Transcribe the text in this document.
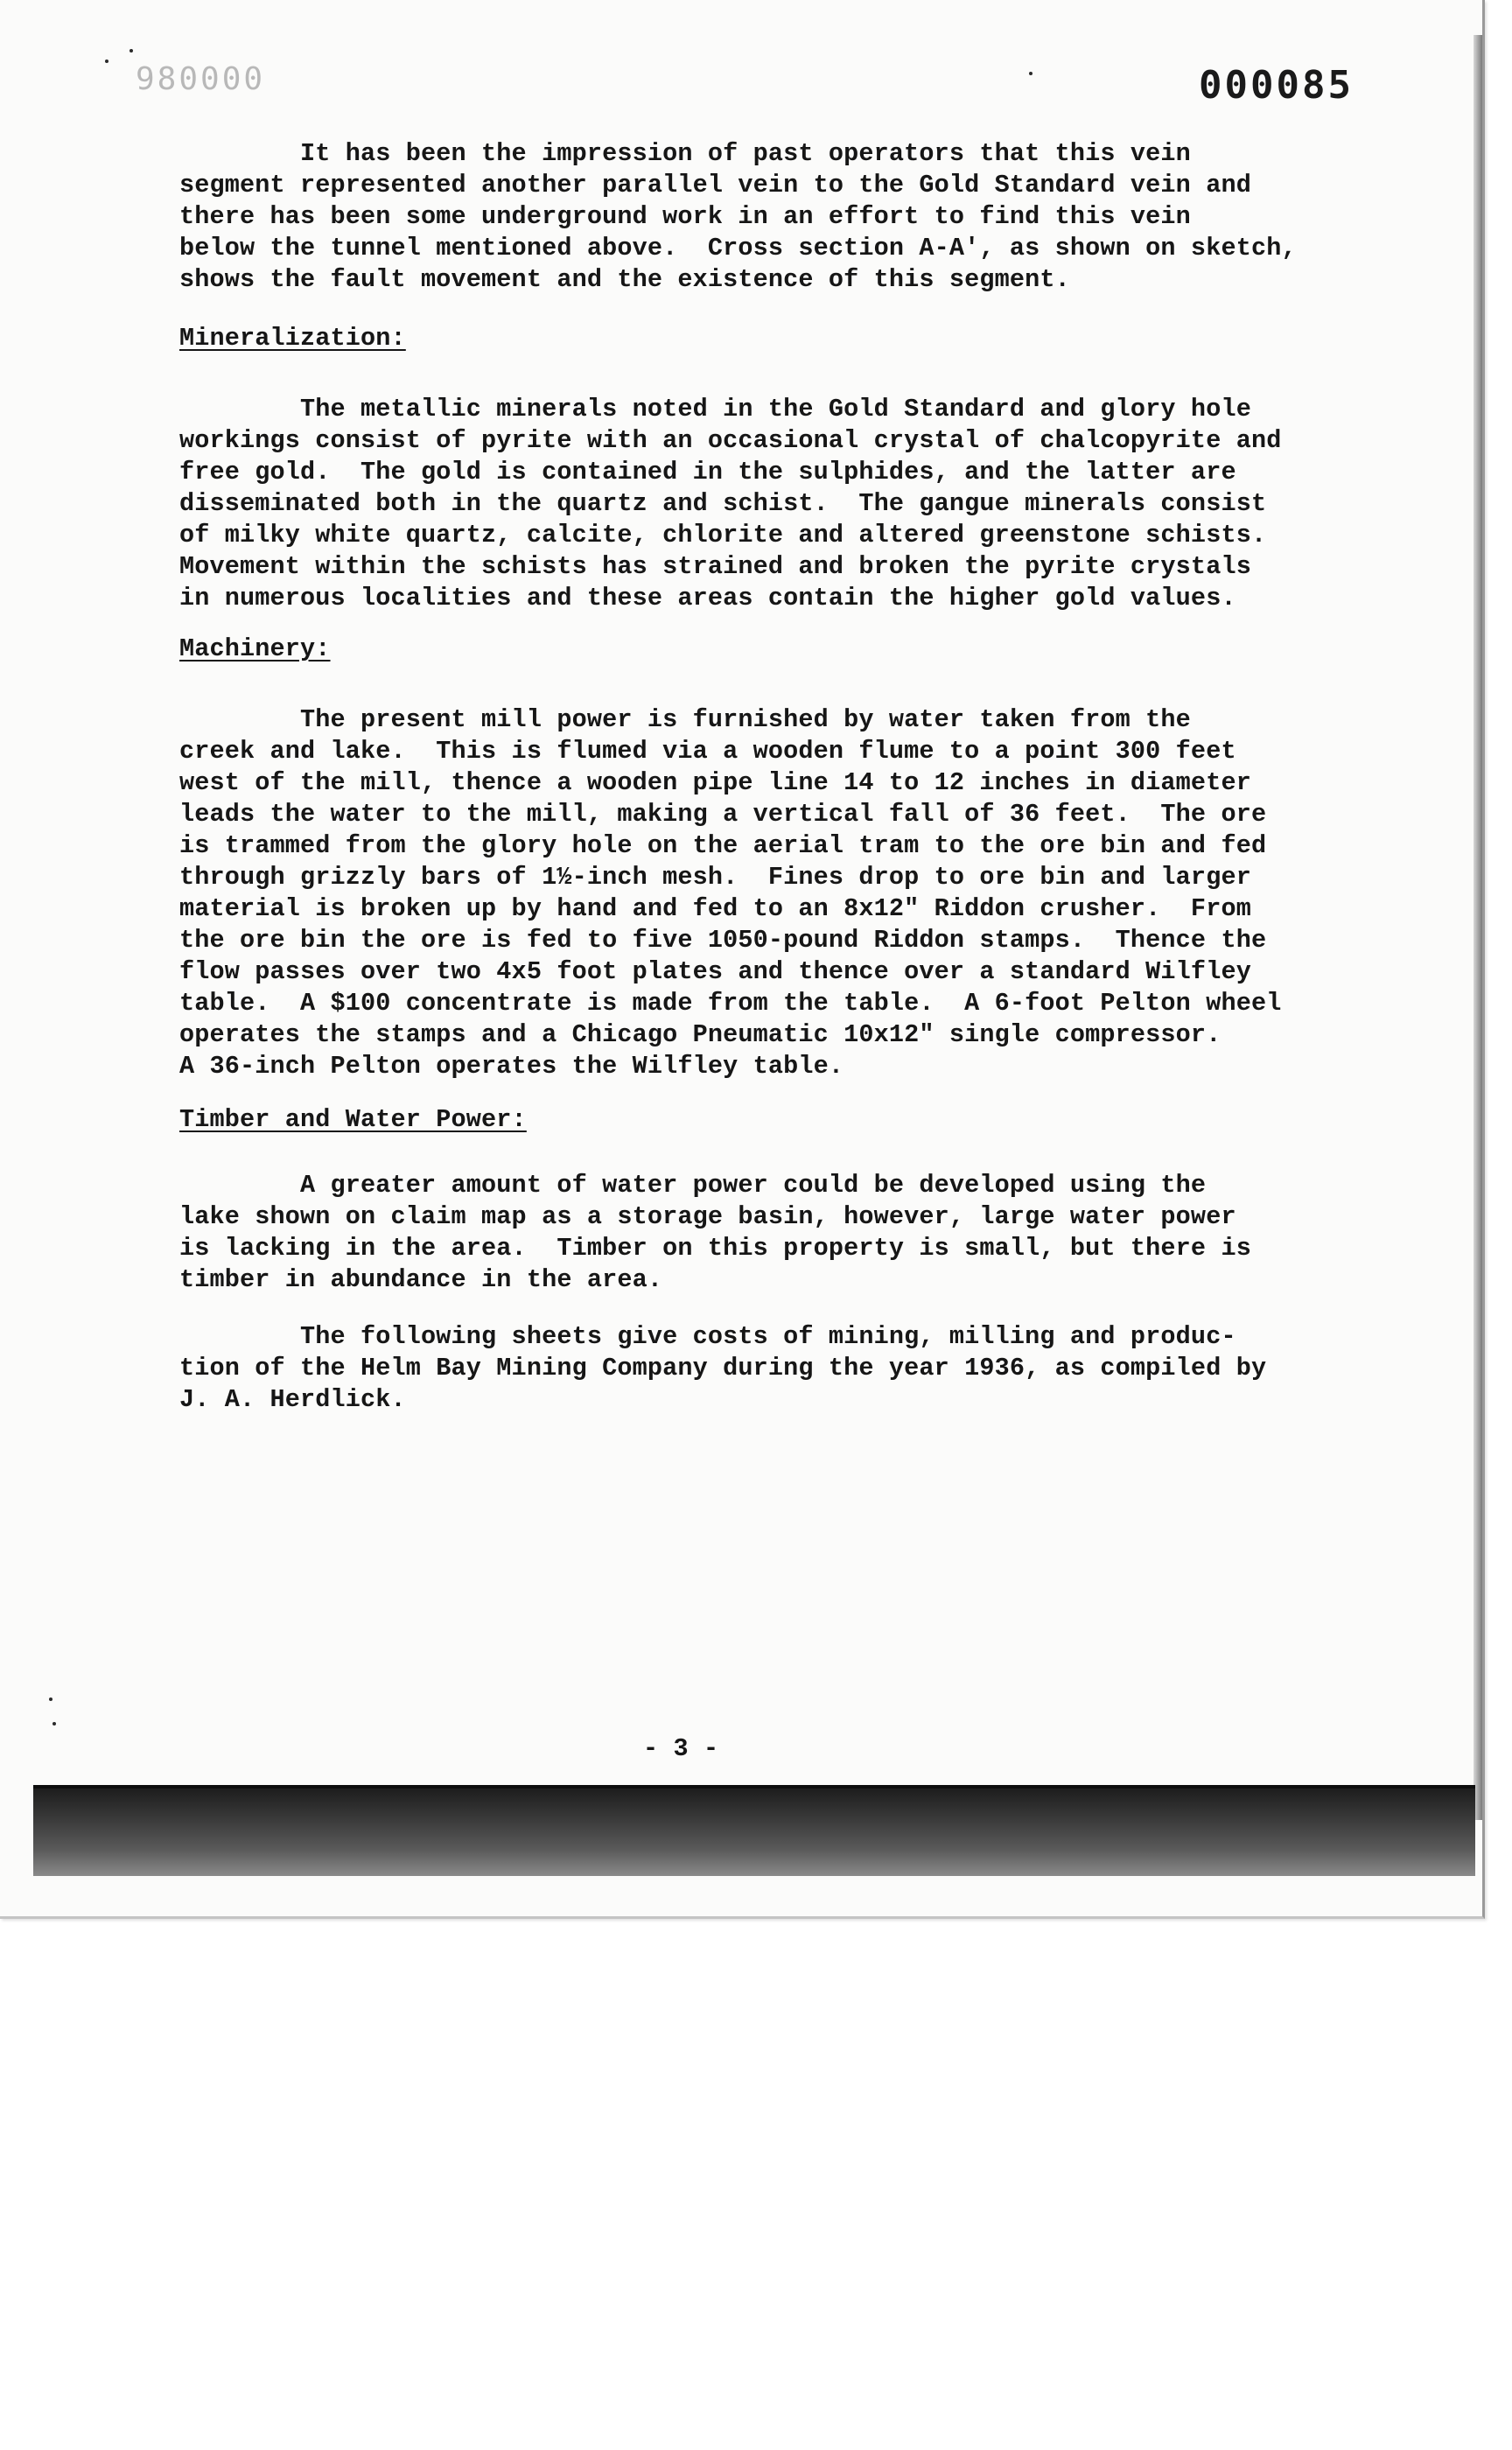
980000	000085
It has been the impression of past operators that this vein
segment represented another parallel vein to the Gold Standard vein and
there has been some underground work in an effort to find this vein
below the tunnel mentioned above.  Cross section A-A', as shown on sketch,
shows the fault movement and the existence of this segment.
Mineralization:
The metallic minerals noted in the Gold Standard and glory hole
workings consist of pyrite with an occasional crystal of chalcopyrite and
free gold.  The gold is contained in the sulphides, and the latter are
disseminated both in the quartz and schist.  The gangue minerals consist
of milky white quartz, calcite, chlorite and altered greenstone schists.
Movement within the schists has strained and broken the pyrite crystals
in numerous localities and these areas contain the higher gold values.
Machinery:
The present mill power is furnished by water taken from the
creek and lake.  This is flumed via a wooden flume to a point 300 feet
west of the mill, thence a wooden pipe line 14 to 12 inches in diameter
leads the water to the mill, making a vertical fall of 36 feet.  The ore
is trammed from the glory hole on the aerial tram to the ore bin and fed
through grizzly bars of 1½-inch mesh.  Fines drop to ore bin and larger
material is broken up by hand and fed to an 8x12" Riddon crusher.  From
the ore bin the ore is fed to five 1050-pound Riddon stamps.  Thence the
flow passes over two 4x5 foot plates and thence over a standard Wilfley
table.  A $100 concentrate is made from the table.  A 6-foot Pelton wheel
operates the stamps and a Chicago Pneumatic 10x12" single compressor.
A 36-inch Pelton operates the Wilfley table.
Timber and Water Power:
A greater amount of water power could be developed using the
lake shown on claim map as a storage basin, however, large water power
is lacking in the area.  Timber on this property is small, but there is
timber in abundance in the area.
The following sheets give costs of mining, milling and produc-
tion of the Helm Bay Mining Company during the year 1936, as compiled by
J. A. Herdlick.
- 3 -
